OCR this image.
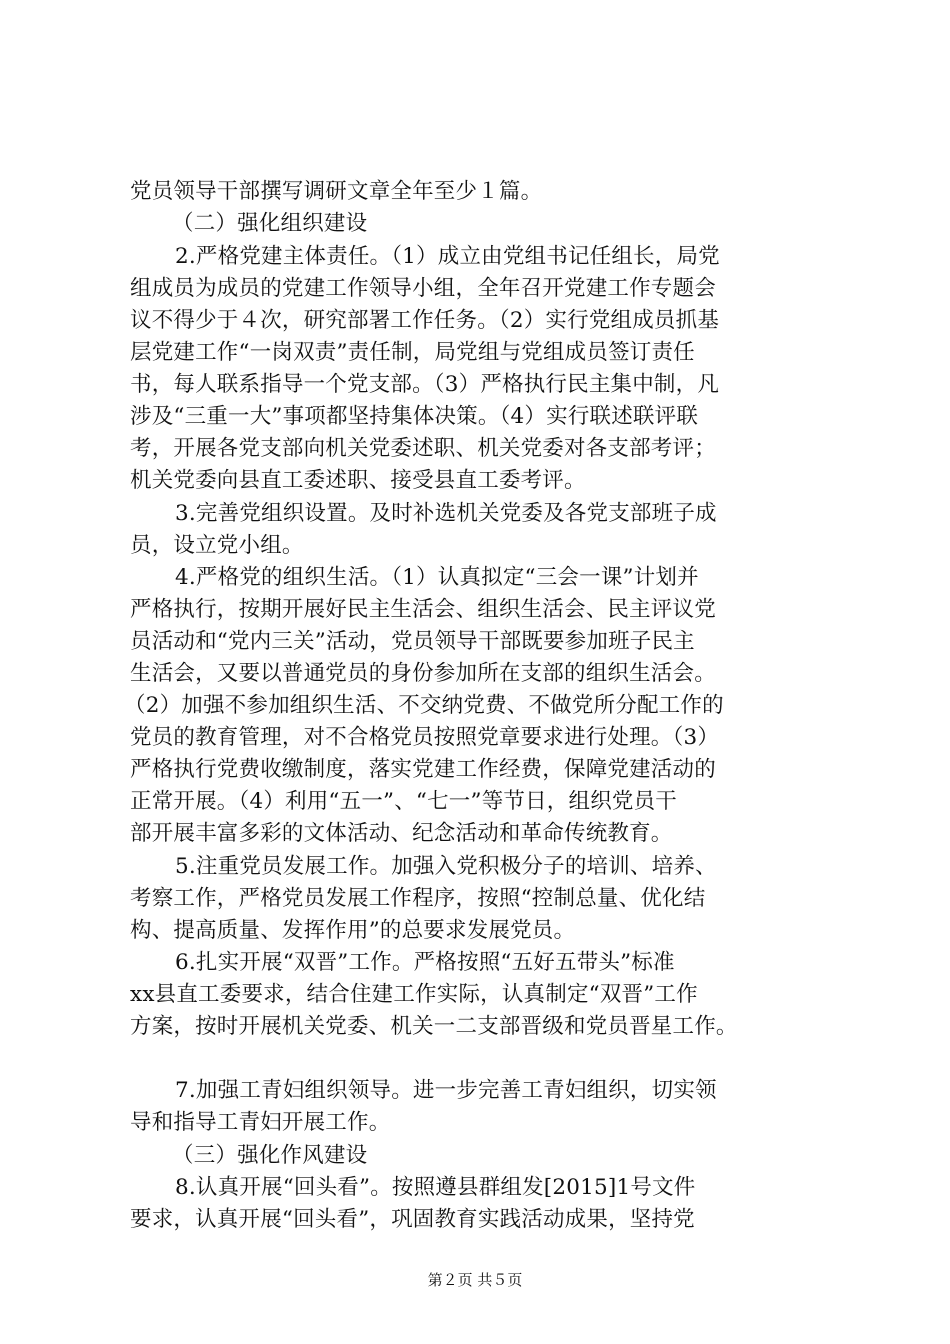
党员领导干部撰写调研文章全年至少１篇。
（二）强化组织建设
2.严格党建主体责任。（1）成立由党组书记任组长，局党
组成员为成员的党建工作领导小组，全年召开党建工作专题会
议不得少于４次，研究部署工作任务。（2）实行党组成员抓基
层党建工作“一岗双责”责任制，局党组与党组成员签订责任
书，每人联系指导一个党支部。（3）严格执行民主集中制，凡
涉及“三重一大”事项都坚持集体决策。（4）实行联述联评联
考，开展各党支部向机关党委述职、机关党委对各支部考评；
机关党委向县直工委述职、接受县直工委考评。
3.完善党组织设置。及时补选机关党委及各党支部班子成
员，设立党小组。
4.严格党的组织生活。（1）认真拟定“三会一课”计划并
严格执行，按期开展好民主生活会、组织生活会、民主评议党
员活动和“党内三关”活动，党员领导干部既要参加班子民主
生活会，又要以普通党员的身份参加所在支部的组织生活会。
（2）加强不参加组织生活、不交纳党费、不做党所分配工作的
党员的教育管理，对不合格党员按照党章要求进行处理。（3）
严格执行党费收缴制度，落实党建工作经费，保障党建活动的
正常开展。（4）利用“五一”、“七一”等节日，组织党员干
部开展丰富多彩的文体活动、纪念活动和革命传统教育。
5.注重党员发展工作。加强入党积极分子的培训、培养、
考察工作，严格党员发展工作程序，按照“控制总量、优化结
构、提高质量、发挥作用”的总要求发展党员。
6.扎实开展“双晋”工作。严格按照“五好五带头”标准
xx县直工委要求，结合住建工作实际，认真制定“双晋”工作
方案，按时开展机关党委、机关一二支部晋级和党员晋星工作。
7.加强工青妇组织领导。进一步完善工青妇组织，切实领
导和指导工青妇开展工作。
（三）强化作风建设
8.认真开展“回头看”。按照遵县群组发[2015]1号文件
要求，认真开展“回头看”，巩固教育实践活动成果，坚持党
第２页 共５页
